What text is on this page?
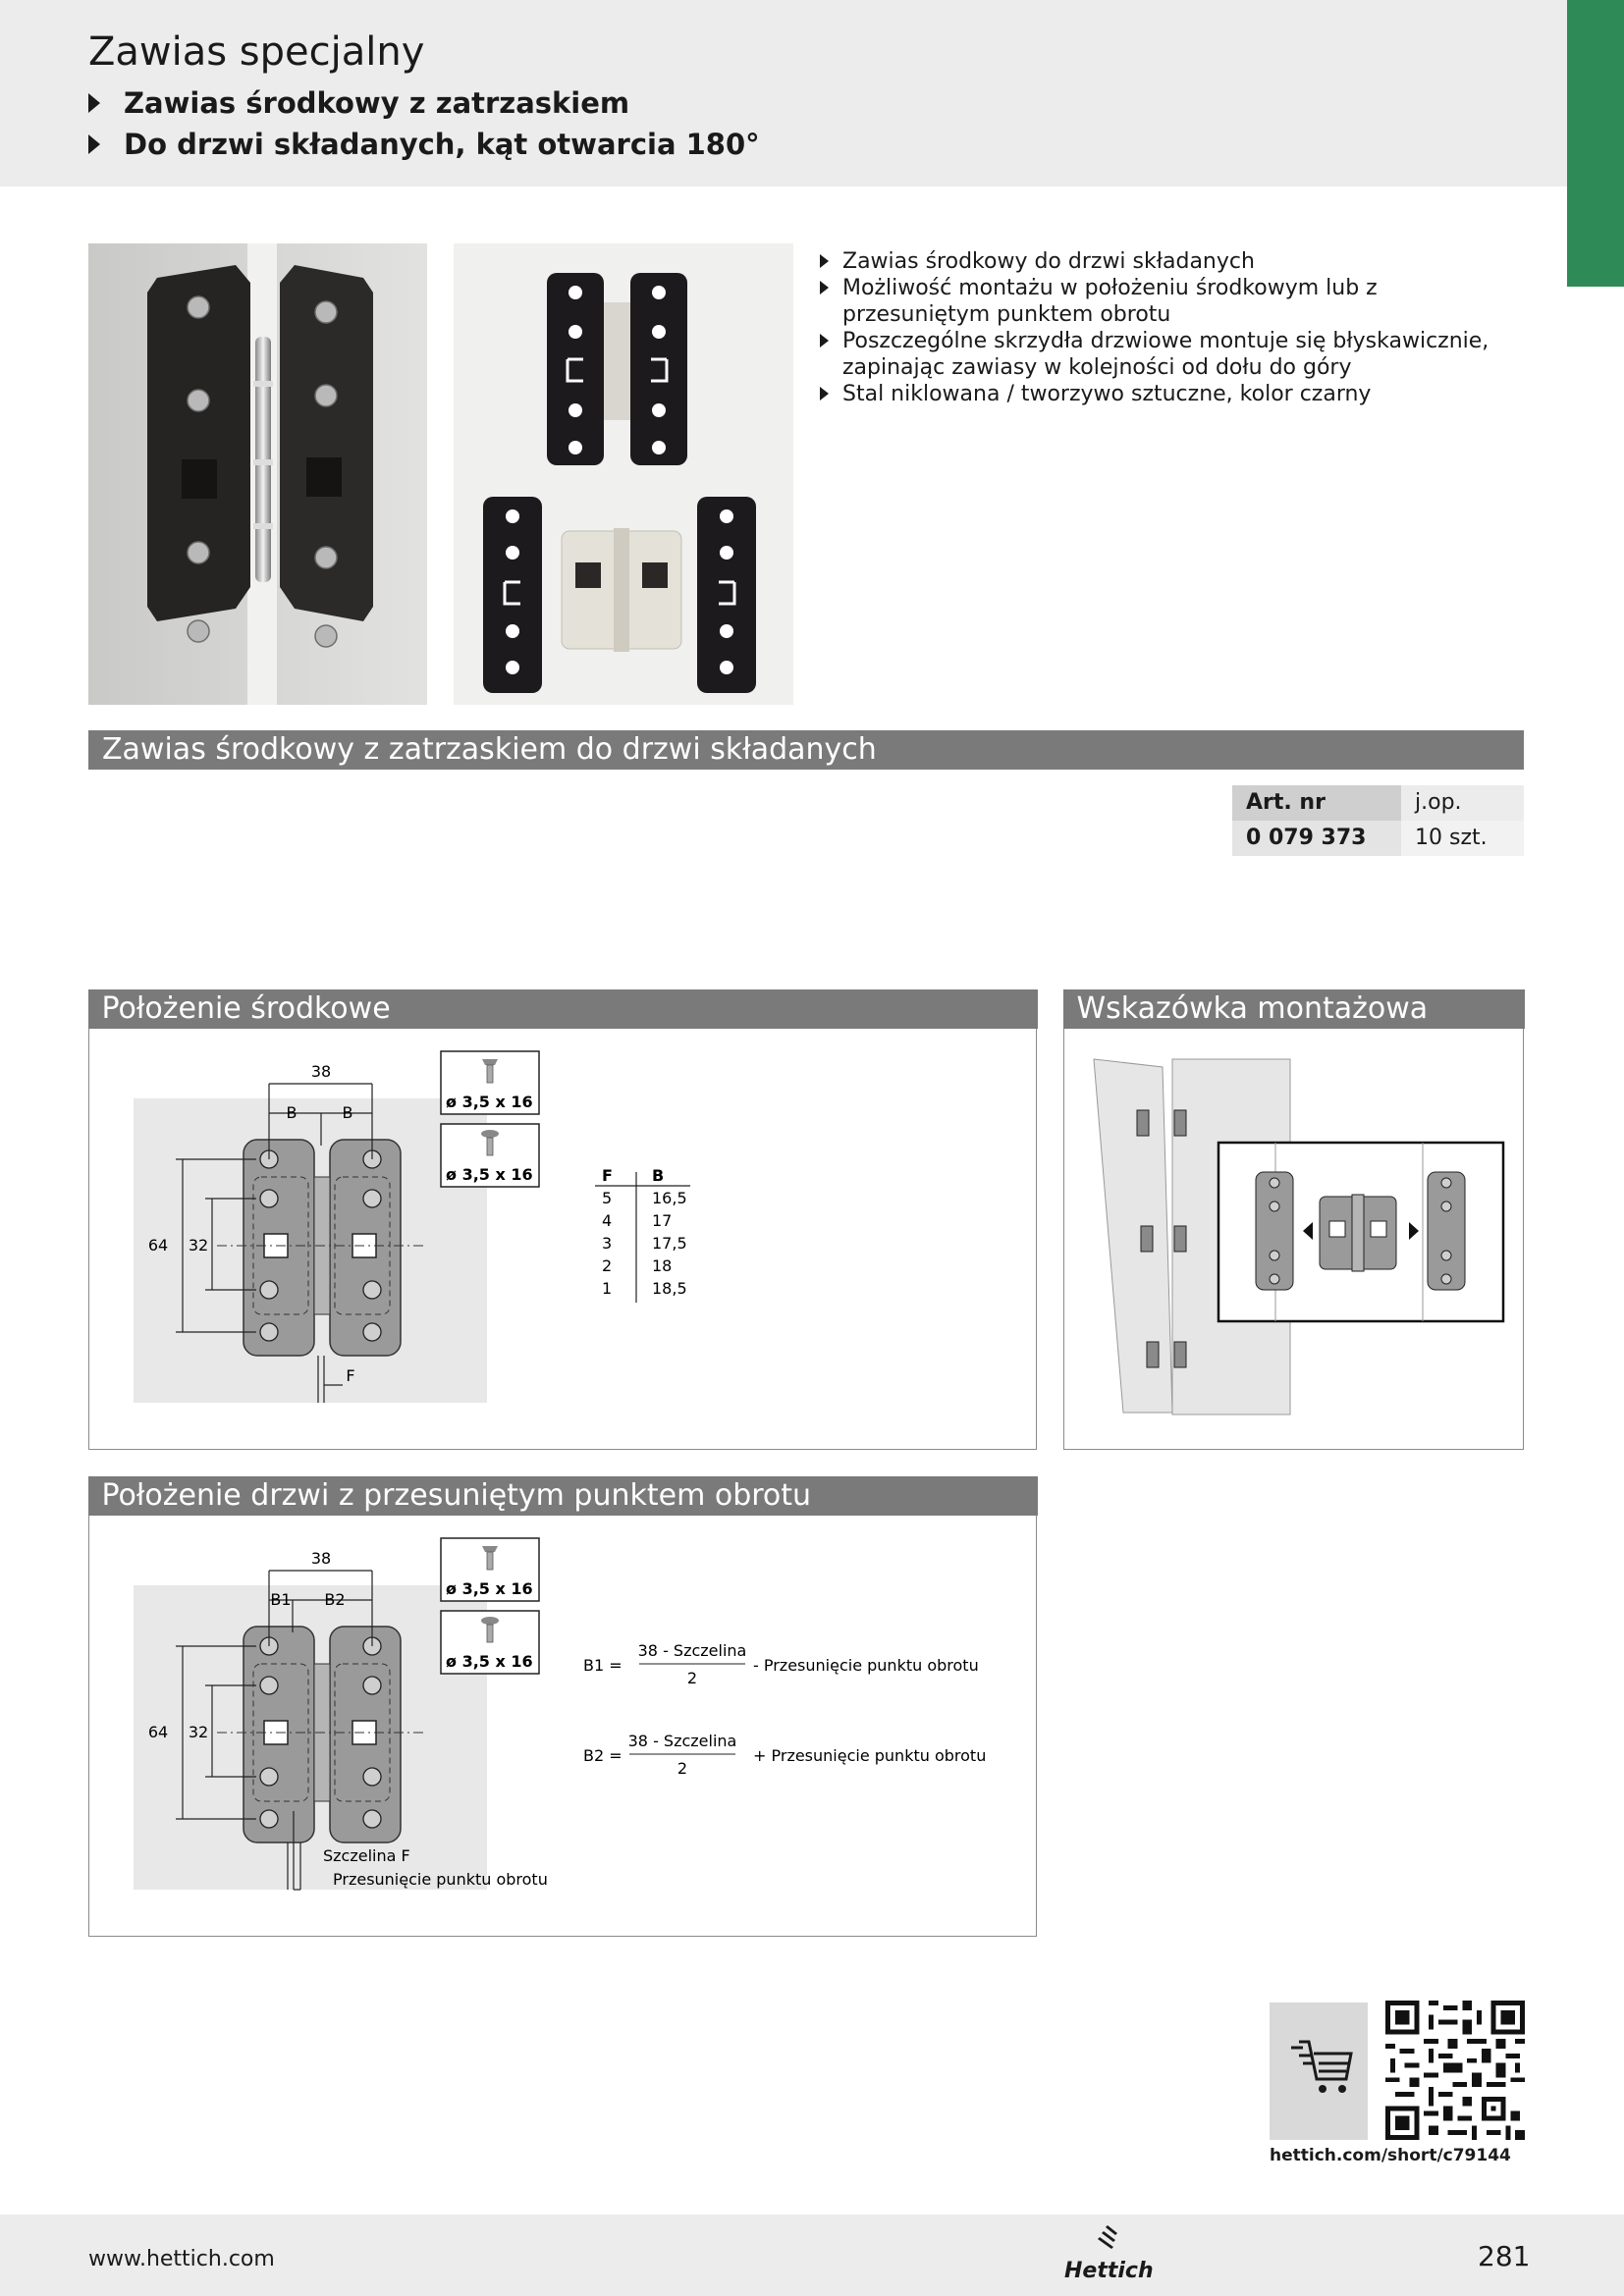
Zawias specjalny
Zawias środkowy z zatrzaskiem
Do drzwi składanych, kąt otwarcia 180°
Zawias środkowy do drzwi składanych
Możliwość montażu w położeniu środkowym lub z przesuniętym punktem obrotu
Poszczególne skrzydła drzwiowe montuje się błyskawicznie, zapinając zawiasy w kolejności od dołu do góry
Stal niklowana / tworzywo sztuczne, kolor czarny
Zawias środkowy z zatrzaskiem do drzwi składanych
Art. nr	j.op.
0 079 373	10 szt.
Położenie środkowe
38
B	B
64 32
F
ø 3,5 x 16
ø 3,5 x 16	F	B
5	16,5
4	17
3	17,5
2	18
1	18,5
Wskazówka montażowa
Położenie drzwi z przesuniętym punktem obrotu
38
B1 B2
64 32
Szczelina F
Przesunięcie punktu obrotu
ø 3,5 x 16
ø 3,5 x 16	B1 =
38 - Szczelina
2
- Przesunięcie punktu obrotu
B2 =
38 - Szczelina
2
+ Przesunięcie punktu obrotu
hettich.com/short/c79144
www.hettich.com	Hettich	281
